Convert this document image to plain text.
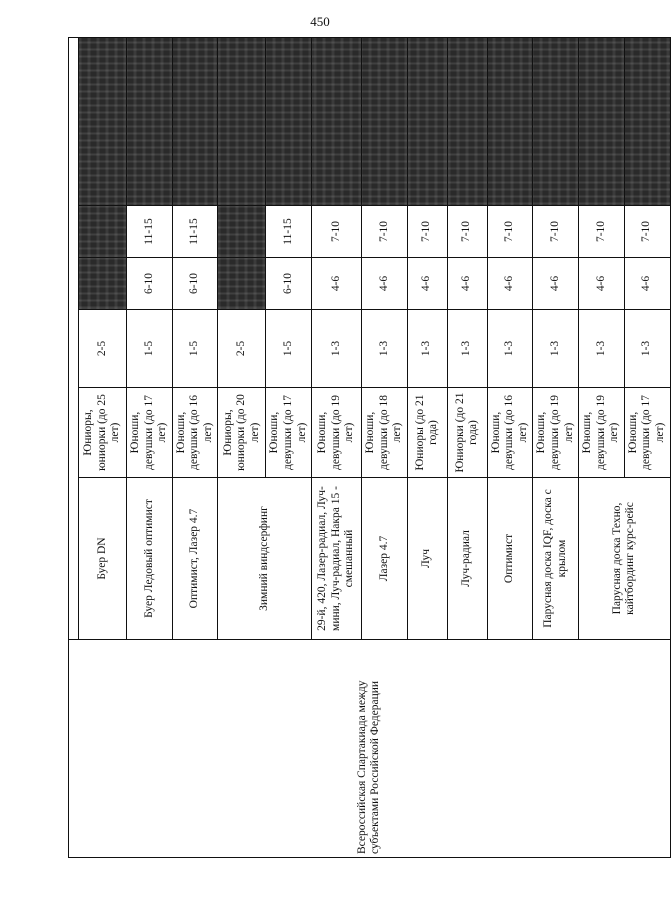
450
Всероссийская Спартакиада между субъектами Российской Федерации						
	Буер DN	Юниоры, юниорки (до 25 лет)	2-5			
	Буер Ледовый оптимист	Юноши, девушки (до 17 лет)	1-5	6-10	11-15	
	Оптимист, Лазер 4.7	Юноши, девушки (до 16 лет)	1-5	6-10	11-15	
	Зимний виндсерфинг	Юниоры, юниорки (до 20 лет)	2-5			
		Юноши, девушки (до 17 лет)	1-5	6-10	11-15	
	29-й, 420, Лазер-радиал, Луч-мини, Луч-радиал, Накра 15 - смешанный	Юноши, девушки (до 19 лет)	1-3	4-6	7-10	
	Лазер 4.7	Юноши, девушки (до 18 лет)	1-3	4-6	7-10	
	Луч	Юниоры (до 21 года)	1-3	4-6	7-10	
	Луч-радиал	Юниорки (до 21 года)	1-3	4-6	7-10	
	Оптимист	Юноши, девушки (до 16 лет)	1-3	4-6	7-10	
	Парусная доска IQF, доска с крылом	Юноши, девушки (до 19 лет)	1-3	4-6	7-10	
	Парусная доска Техно, кайтбординг курс-рейс	Юноши, девушки (до 19 лет)	1-3	4-6	7-10	
		Юноши, девушки (до 17 лет)	1-3	4-6	7-10	
